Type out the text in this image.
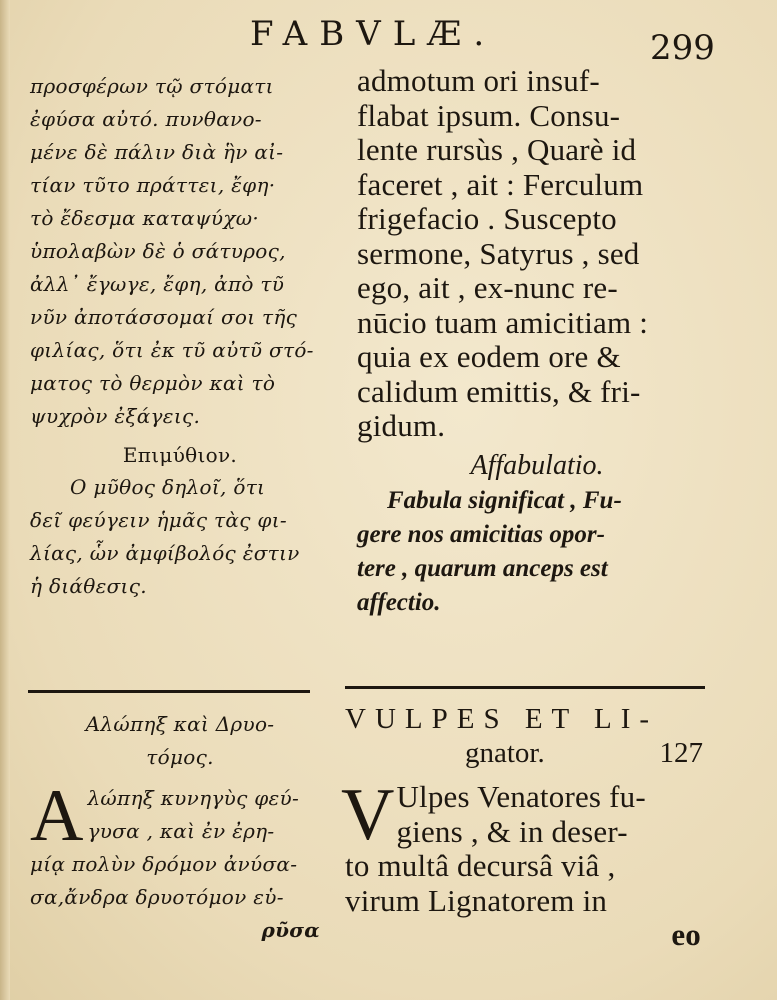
FABVLÆ.	299
προσφέρων τῷ στόματι
ἐφύσα αὐτό. πυνθανο-
μένε δὲ πάλιν διὰ ἣν αἰ-
τίαν τῦτο πράττει, ἔφη·
τὸ ἔδεσμα καταψύχω·
ὑπολαβὼν δὲ ὁ σάτυρος,
ἀλλ᾽ ἔγωγε, ἔφη, ἀπὸ τῦ
νῦν ἀποτάσσομαί σοι τῆς
φιλίας, ὅτι ἐκ τῦ αὐτῦ στό-
ματος τὸ θερμὸν καὶ τὸ
ψυχρὸν ἐξάγεις.
Επιμύθιον.
Ο μῦθος δηλοῖ, ὅτι
δεῖ φεύγειν ἡμᾶς τὰς φι-
λίας, ὧν ἀμφίβολός ἐστιν
ἡ διάθεσις.
admotum ori insuf-
flabat ipsum. Consu-
lente rursùs , Quarè id
faceret , ait : Ferculum
frigefacio . Suscepto
sermone, Satyrus , sed
ego, ait , ex-nunc re-
nūcio tuam amicitiam :
quia ex eodem ore &
calidum emittis, & fri-
gidum.
Affabulatio.
Fabula significat , Fu-
gere nos amicitias opor-
tere , quarum anceps est
affectio.
Αλώπηξ καὶ Δρυο-
τόμος.
A λώπηξ κυνηγὺς φεύ-
γυσα , καὶ ἐν ἐρη-
μίᾳ πολὺν δρόμον ἀνύσα-
σα,ἄνδρα δρυοτόμον εὑ-
ρῦσα
VULPES ET LI-
gnator.	127
V Ulpes Venatores fu-
giens , & in deser-
to multâ decursâ viâ ,
virum Lignatorem in
eo
